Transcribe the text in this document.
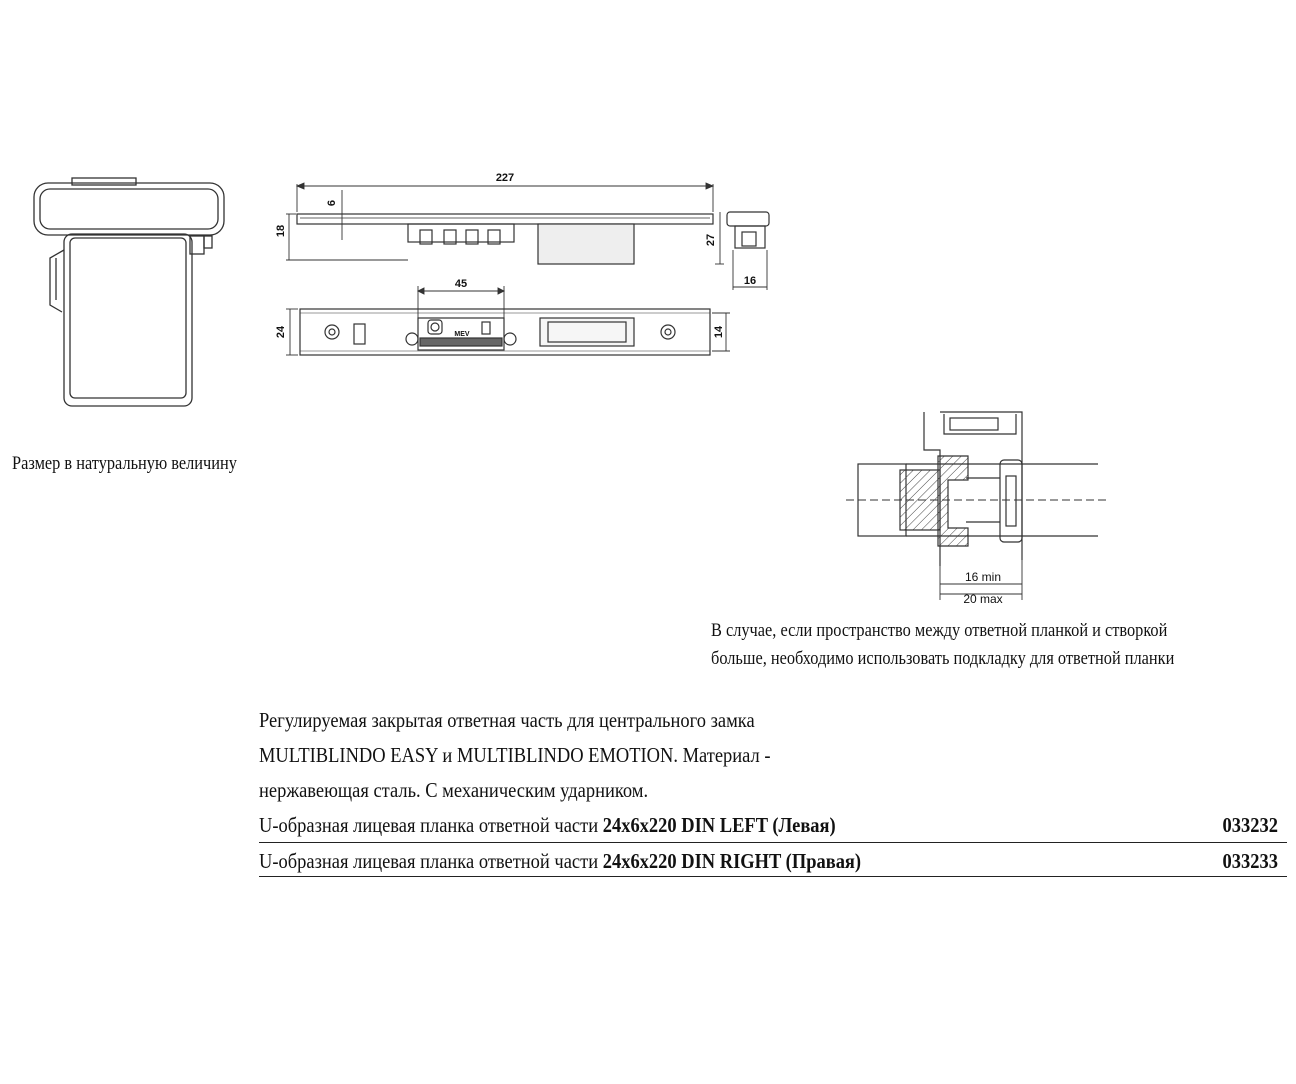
227
6
18
27
16
45
24	14
MEV
16 min
20 max
Размер в натуральную величину
В случае, если пространство между ответной планкой и створкой
больше, необходимо использовать подкладку для ответной планки
Регулируемая закрытая ответная часть для центрального замка
MULTIBLINDO EASY и MULTIBLINDO EMOTION. Материал -
нержавеющая сталь. С механическим ударником.
U-образная лицевая планка ответной части 24x6x220 DIN LEFT (Левая)	033232
U-образная лицевая планка ответной части 24x6x220 DIN RIGHT (Правая)	033233
